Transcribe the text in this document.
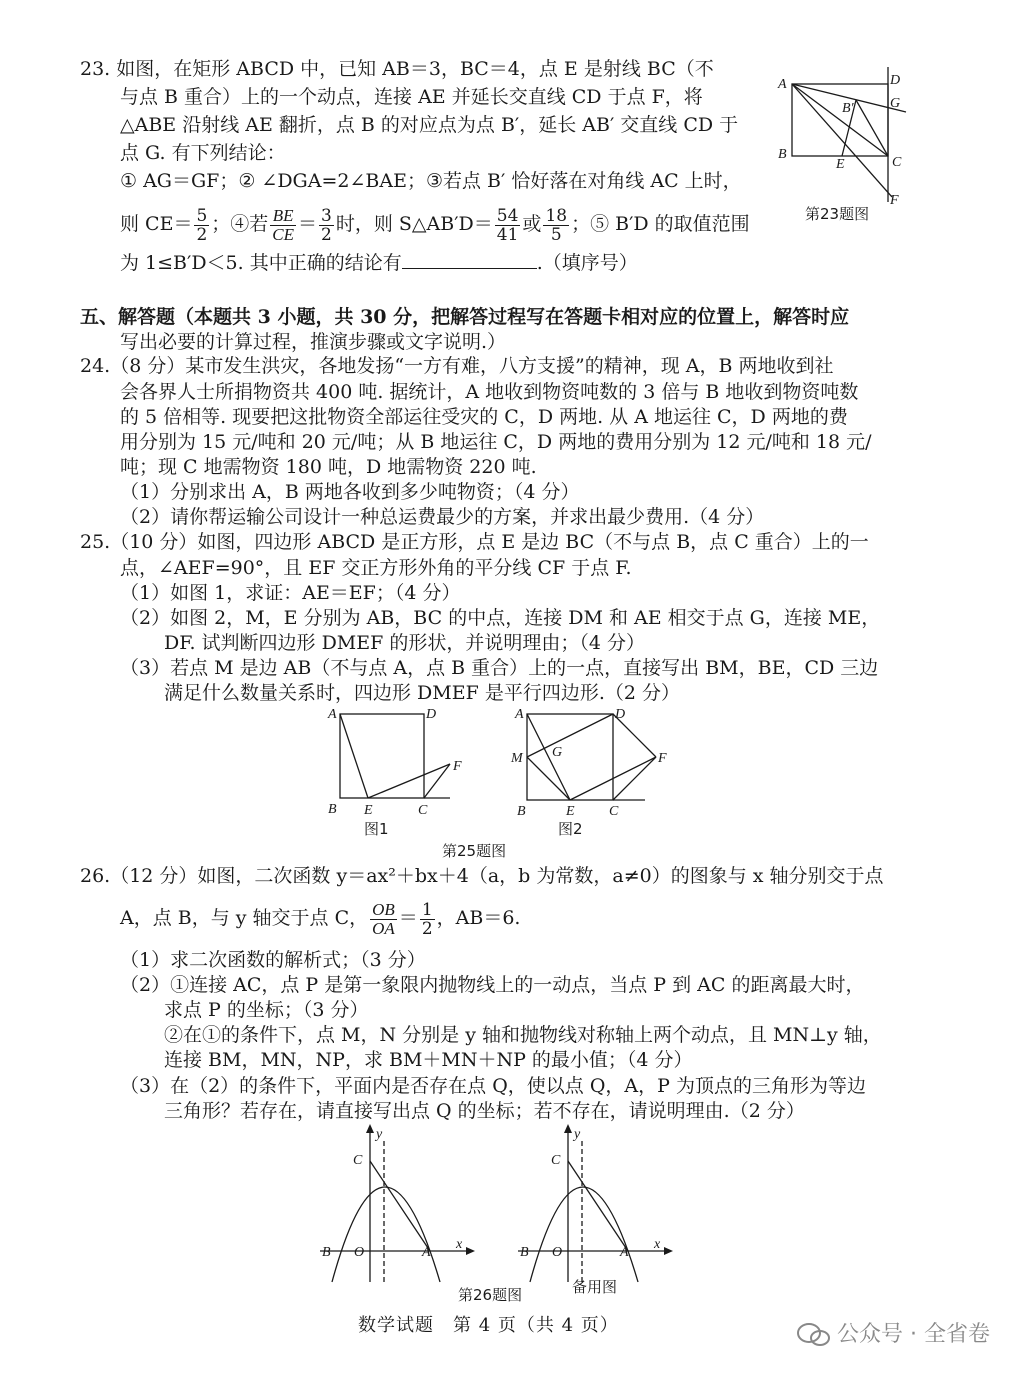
23. 如图，在矩形 ABCD 中，已知 AB＝3，BC＝4，点 E 是射线 BC（不
与点 B 重合）上的一个动点，连接 AE 并延长交直线 CD 于点 F，将
△ABE 沿射线 AE 翻折，点 B 的对应点为点 B′，延长 AB′ 交直线 CD 于
点 G. 有下列结论：
① AG＝GF；② ∠DGA=2∠BAE；③若点 B′ 恰好落在对角线 AC 上时，
则 $CE= \frac{5}{2}$ ；④若 $\frac{BE}{CE} = \frac{3}{2}$ 时，则 S△AB′D＝ $\frac{54}{41}$ 或 $\frac{18}{5}$ ；⑤ B′D 的取值范围
为 1≤B′D＜5. 其中正确的结论有	.（填序号）
A
B
C
D
E
F
G
B′
第23题图
五、解答题（本题共 3 小题，共 30 分，把解答过程写在答题卡相对应的位置上，解答时应
写出必要的计算过程，推演步骤或文字说明.）
24.（8 分）某市发生洪灾，各地发扬“一方有难，八方支援”的精神，现 A，B 两地收到社
会各界人士所捐物资共 400 吨. 据统计，A 地收到物资吨数的 3 倍与 B 地收到物资吨数
的 5 倍相等. 现要把这批物资全部运往受灾的 C，D 两地. 从 A 地运往 C，D 两地的费
用分别为 15 元/吨和 20 元/吨；从 B 地运往 C，D 两地的费用分别为 12 元/吨和 18 元/
吨；现 C 地需物资 180 吨，D 地需物资 220 吨.
（1）分别求出 A，B 两地各收到多少吨物资；（4 分）
（2）请你帮运输公司设计一种总运费最少的方案，并求出最少费用.（4 分）
25.（10 分）如图，四边形 ABCD 是正方形，点 E 是边 BC（不与点 B，点 C 重合）上的一
点，∠AEF=90°，且 EF 交正方形外角的平分线 CF 于点 F.
（1）如图 1，求证：AE＝EF；（4 分）
（2）如图 2，M，E 分别为 AB，BC 的中点，连接 DM 和 AE 相交于点 G，连接 ME，
DF. 试判断四边形 DMEF 的形状，并说明理由；（4 分）
（3）若点 M 是边 AB（不与点 A，点 B 重合）上的一点，直接写出 BM，BE，CD 三边
满足什么数量关系时，四边形 DMEF 是平行四边形.（2 分）
A	D
B E	C
F
图1
A	D
M G	F
B	E C
图2
第25题图
26.（12 分）如图，二次函数 y＝ax²＋bx＋4（a，b 为常数，a≠0）的图象与 x 轴分别交于点
A，点 B，与 y 轴交于点 C， $\frac{OB}{OA} = \frac{1}{2}$ ，AB＝6.
（1）求二次函数的解析式；（3 分）
（2）①连接 AC，点 P 是第一象限内抛物线上的一动点，当点 P 到 AC 的距离最大时，
求点 P 的坐标；（3 分）
②在①的条件下，点 M，N 分别是 y 轴和抛物线对称轴上两个动点，且 MN⊥y 轴，
连接 BM，MN，NP，求 BM＋MN＋NP 的最小值；（4 分）
（3）在（2）的条件下，平面内是否存在点 Q，使以点 Q，A，P 为顶点的三角形为等边
三角形？若存在，请直接写出点 Q 的坐标；若不存在，请说明理由.（2 分）
y
x
C
B O	A
第26题图
y
x
C
B O	A
备用图
数学试题　第 4 页（共 4 页）	公众号 · 全省卷
